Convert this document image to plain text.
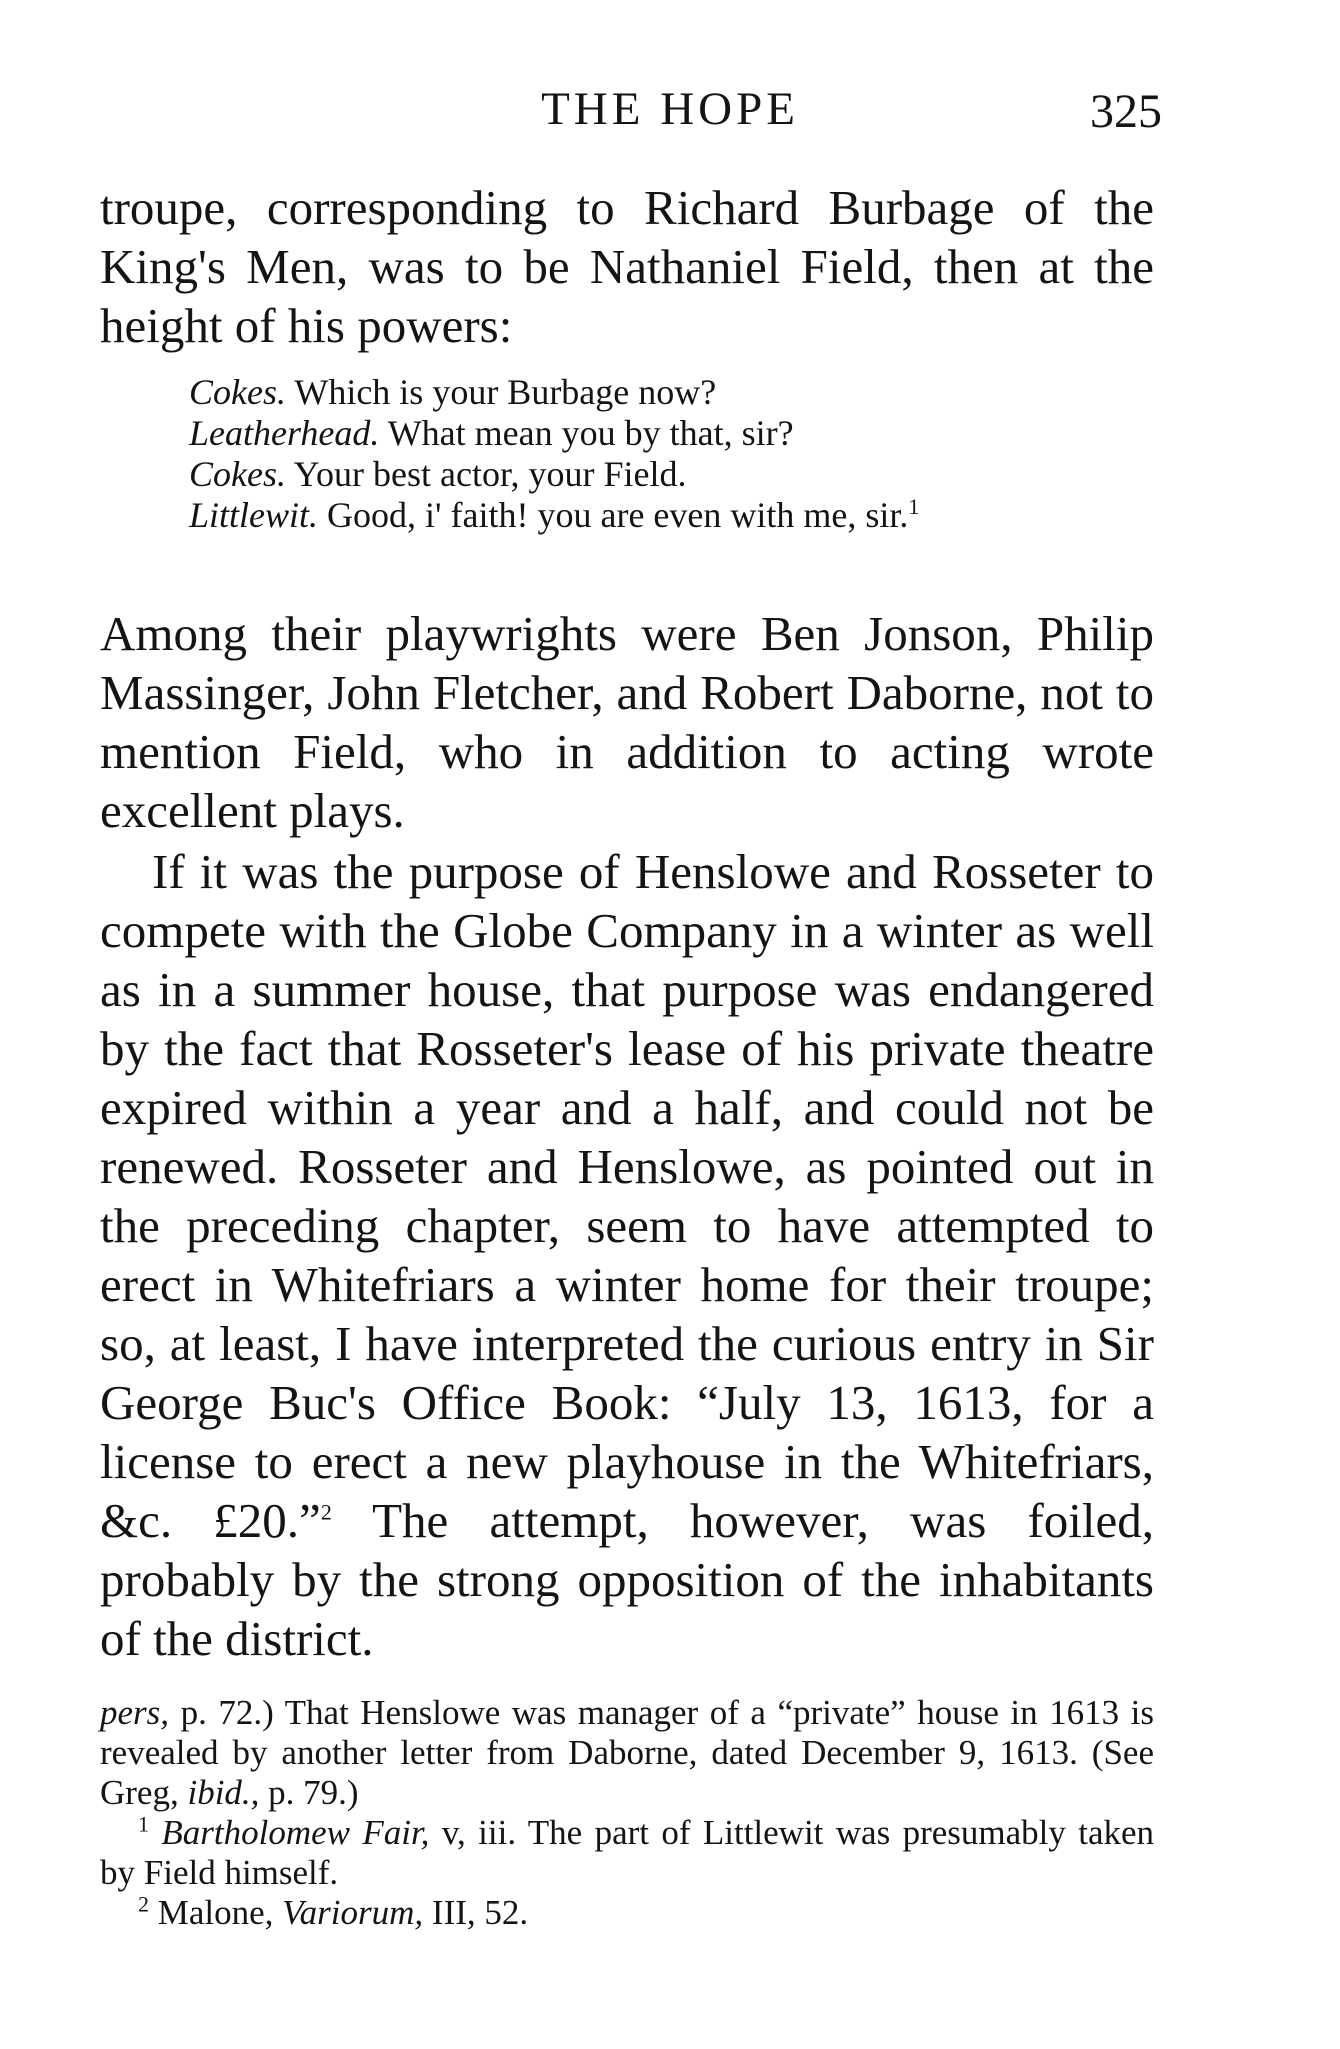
THE HOPE	325

troupe, corresponding to Richard Burbage of the King's Men, was to be Nathaniel Field, then at the height of his powers:

Cokes. Which is your Burbage now?
Leatherhead. What mean you by that, sir?
Cokes. Your best actor, your Field.
Littlewit. Good, i' faith! you are even with me, sir.$^1$

Among their playwrights were Ben Jonson, Philip Massinger, John Fletcher, and Robert Daborne, not to mention Field, who in addition to acting wrote excellent plays.

If it was the purpose of Henslowe and Rosseter to compete with the Globe Company in a winter as well as in a summer house, that purpose was endangered by the fact that Rosseter's lease of his private theatre expired within a year and a half, and could not be renewed. Rosseter and Henslowe, as pointed out in the preceding chapter, seem to have attempted to erect in Whitefriars a winter home for their troupe; so, at least, I have interpreted the curious entry in Sir George Buc's Office Book: “July 13, 1613, for a license to erect a new playhouse in the Whitefriars, &c. £20.”$^2$ The attempt, however, was foiled, probably by the strong opposition of the inhabitants of the district.

pers, p. 72.) That Henslowe was manager of a “private” house in 1613 is revealed by another letter from Daborne, dated December 9, 1613. (See Greg, ibid., p. 79.)

$^1$ Bartholomew Fair, v, iii. The part of Littlewit was presumably taken by Field himself.

$^2$ Malone, Variorum, III, 52.
